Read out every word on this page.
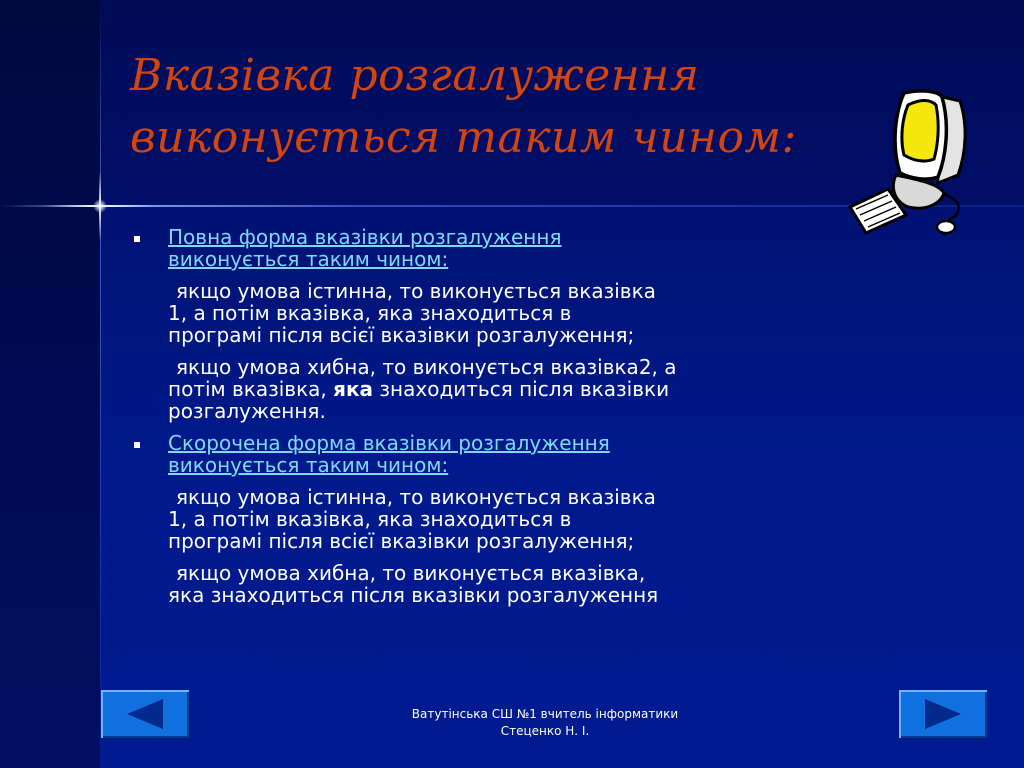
Вказівка розгалуження
виконується таким чином:
Повна форма вказівки розгалуження
виконується таким чином:
якщо умова істинна, то виконується вказівка
1, а потім вказівка, яка знаходиться в
програмі після всієї вказівки розгалуження;
якщо умова хибна, то виконується вказівка2, а
потім вказівка, яка знаходиться після вказівки
розгалуження.
Скорочена форма вказівки розгалуження
виконується таким чином:
якщо умова істинна, то виконується вказівка
1, а потім вказівка, яка знаходиться в
програмі після всієї вказівки розгалуження;
якщо умова хибна, то виконується вказівка,
яка знаходиться після вказівки розгалуження
Ватутінська СШ №1 вчитель інформатики
Стеценко Н. І.
